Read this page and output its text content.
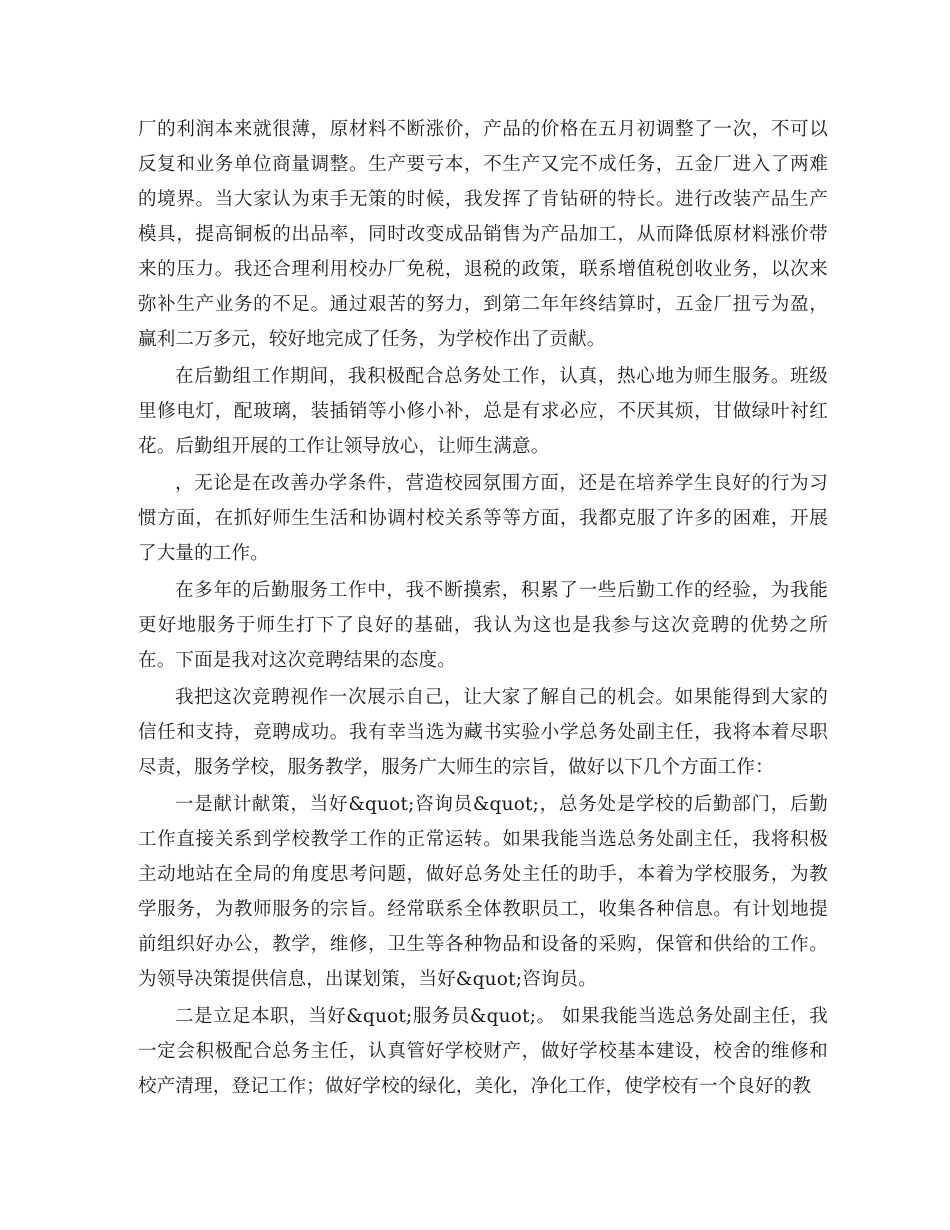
厂的利润本来就很薄，原材料不断涨价，产品的价格在五月初调整了一次，不可以反复和业务单位商量调整。生产要亏本，不生产又完不成任务，五金厂进入了两难的境界。当大家认为束手无策的时候，我发挥了肯钻研的特长。进行改装产品生产模具，提高铜板的出品率，同时改变成品销售为产品加工，从而降低原材料涨价带来的压力。我还合理利用校办厂免税，退税的政策，联系增值税创收业务，以次来弥补生产业务的不足。通过艰苦的努力，到第二年年终结算时，五金厂扭亏为盈，赢利二万多元，较好地完成了任务，为学校作出了贡献。

在后勤组工作期间，我积极配合总务处工作，认真，热心地为师生服务。班级里修电灯，配玻璃，装插销等小修小补，总是有求必应，不厌其烦，甘做绿叶衬红花。后勤组开展的工作让领导放心，让师生满意。

，无论是在改善办学条件，营造校园氛围方面，还是在培养学生良好的行为习惯方面，在抓好师生生活和协调村校关系等等方面，我都克服了许多的困难，开展了大量的工作。

在多年的后勤服务工作中，我不断摸索，积累了一些后勤工作的经验，为我能更好地服务于师生打下了良好的基础，我认为这也是我参与这次竞聘的优势之所在。下面是我对这次竞聘结果的态度。

我把这次竞聘视作一次展示自己，让大家了解自己的机会。如果能得到大家的信任和支持，竞聘成功。我有幸当选为藏书实验小学总务处副主任，我将本着尽职尽责，服务学校，服务教学，服务广大师生的宗旨，做好以下几个方面工作：

一是献计献策，当好&quot;咨询员&quot;，总务处是学校的后勤部门，后勤工作直接关系到学校教学工作的正常运转。如果我能当选总务处副主任，我将积极主动地站在全局的角度思考问题，做好总务处主任的助手，本着为学校服务，为教学服务，为教师服务的宗旨。经常联系全体教职员工，收集各种信息。有计划地提前组织好办公，教学，维修，卫生等各种物品和设备的采购，保管和供给的工作。为领导决策提供信息，出谋划策，当好&quot;咨询员。

二是立足本职，当好&quot;服务员&quot;。 如果我能当选总务处副主任，我一定会积极配合总务主任，认真管好学校财产，做好学校基本建设，校舍的维修和校产清理，登记工作；做好学校的绿化，美化，净化工作，使学校有一个良好的教
